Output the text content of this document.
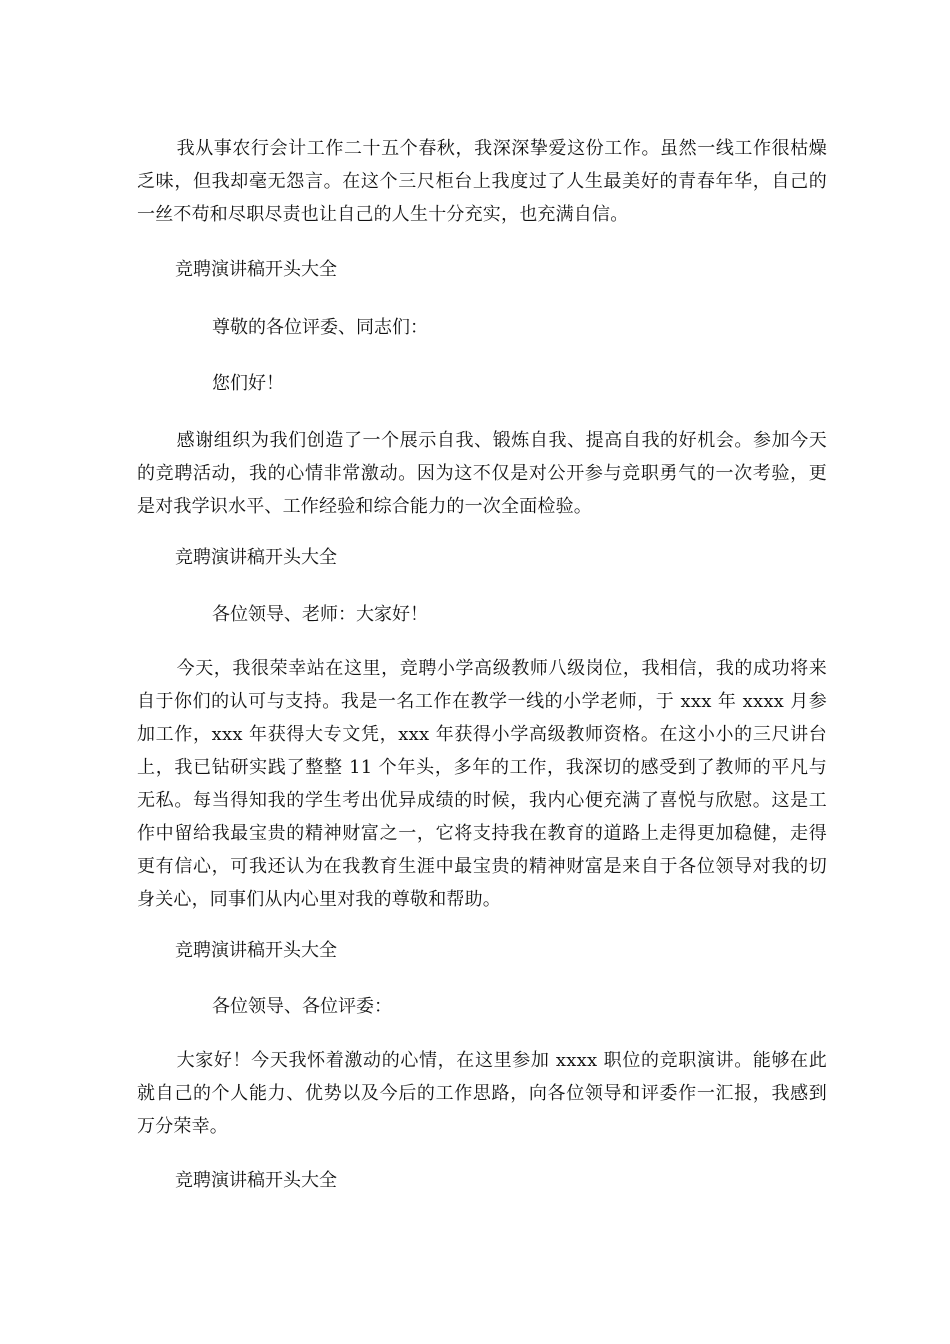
我从事农行会计工作二十五个春秋，我深深挚爱这份工作。虽然一线工作很枯燥乏味，但我却毫无怨言。在这个三尺柜台上我度过了人生最美好的青春年华，自己的一丝不苟和尽职尽责也让自己的人生十分充实，也充满自信。

竞聘演讲稿开头大全

尊敬的各位评委、同志们：

您们好！

感谢组织为我们创造了一个展示自我、锻炼自我、提高自我的好机会。参加今天的竞聘活动，我的心情非常激动。因为这不仅是对公开参与竞职勇气的一次考验，更是对我学识水平、工作经验和综合能力的一次全面检验。

竞聘演讲稿开头大全

各位领导、老师：大家好！

今天，我很荣幸站在这里，竞聘小学高级教师八级岗位，我相信，我的成功将来自于你们的认可与支持。我是一名工作在教学一线的小学老师，于 xxx 年 xxxx 月参加工作，xxx 年获得大专文凭，xxx 年获得小学高级教师资格。在这小小的三尺讲台上，我已钻研实践了整整 11 个年头，多年的工作，我深切的感受到了教师的平凡与无私。每当得知我的学生考出优异成绩的时候，我内心便充满了喜悦与欣慰。这是工作中留给我最宝贵的精神财富之一，它将支持我在教育的道路上走得更加稳健，走得更有信心，可我还认为在我教育生涯中最宝贵的精神财富是来自于各位领导对我的切身关心，同事们从内心里对我的尊敬和帮助。

竞聘演讲稿开头大全

各位领导、各位评委：

大家好！今天我怀着激动的心情，在这里参加 xxxx 职位的竞职演讲。能够在此就自己的个人能力、优势以及今后的工作思路，向各位领导和评委作一汇报，我感到万分荣幸。

竞聘演讲稿开头大全
